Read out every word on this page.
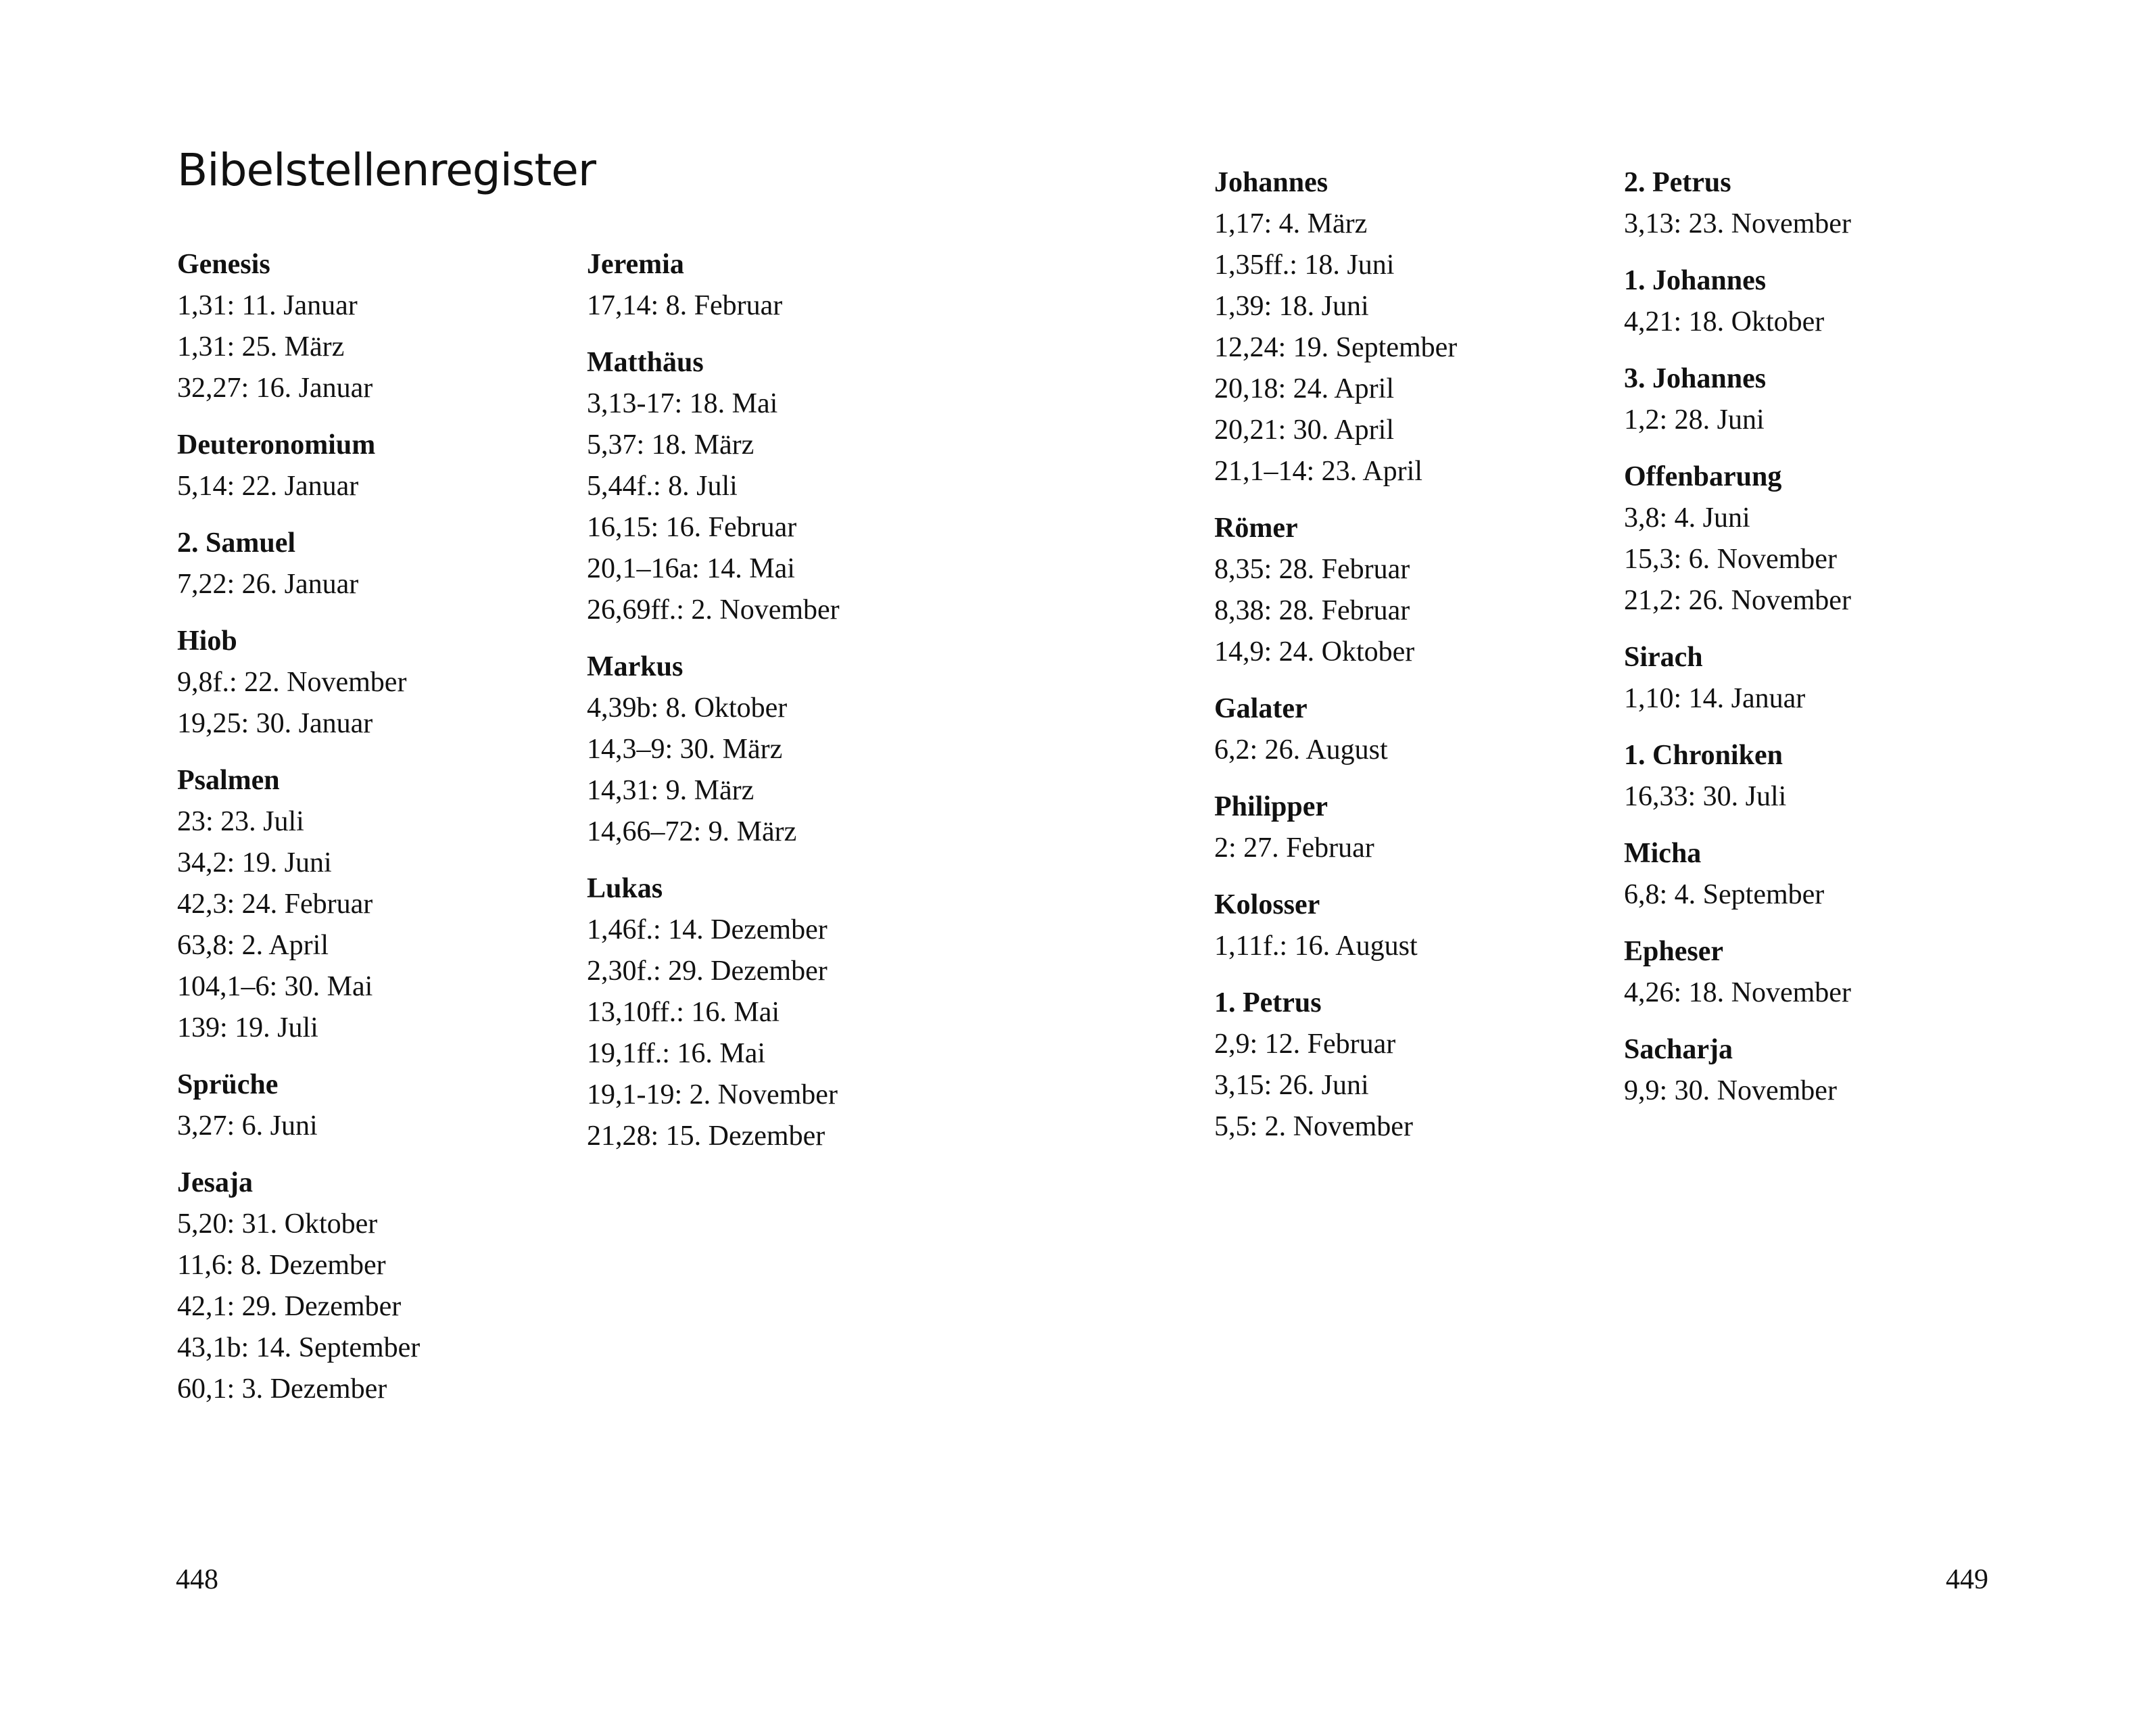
Bibelstellenregister
Genesis
1,31: 11. Januar
1,31: 25. März
32,27: 16. Januar
Deuteronomium
5,14: 22. Januar
2. Samuel
7,22: 26. Januar
Hiob
9,8f.: 22. November
19,25: 30. Januar
Psalmen
23: 23. Juli
34,2: 19. Juni
42,3: 24. Februar
63,8: 2. April
104,1–6: 30. Mai
139: 19. Juli
Sprüche
3,27: 6. Juni
Jesaja
5,20: 31. Oktober
11,6: 8. Dezember
42,1: 29. Dezember
43,1b: 14. September
60,1: 3. Dezember
Jeremia
17,14: 8. Februar
Matthäus
3,13-17: 18. Mai
5,37: 18. März
5,44f.: 8. Juli
16,15: 16. Februar
20,1–16a: 14. Mai
26,69ff.: 2. November
Markus
4,39b: 8. Oktober
14,3–9: 30. März
14,31: 9. März
14,66–72: 9. März
Lukas
1,46f.: 14. Dezember
2,30f.: 29. Dezember
13,10ff.: 16. Mai
19,1ff.: 16. Mai
19,1-19: 2. November
21,28: 15. Dezember
Johannes
1,17: 4. März
1,35ff.: 18. Juni
1,39: 18. Juni
12,24: 19. September
20,18: 24. April
20,21: 30. April
21,1–14: 23. April
Römer
8,35: 28. Februar
8,38: 28. Februar
14,9: 24. Oktober
Galater
6,2: 26. August
Philipper
2: 27. Februar
Kolosser
1,11f.: 16. August
1. Petrus
2,9: 12. Februar
3,15: 26. Juni
5,5: 2. November
2. Petrus
3,13: 23. November
1. Johannes
4,21: 18. Oktober
3. Johannes
1,2: 28. Juni
Offenbarung
3,8: 4. Juni
15,3: 6. November
21,2: 26. November
Sirach
1,10: 14. Januar
1. Chroniken
16,33: 30. Juli
Micha
6,8: 4. September
Epheser
4,26: 18. November
Sacharja
9,9: 30. November
448	449
